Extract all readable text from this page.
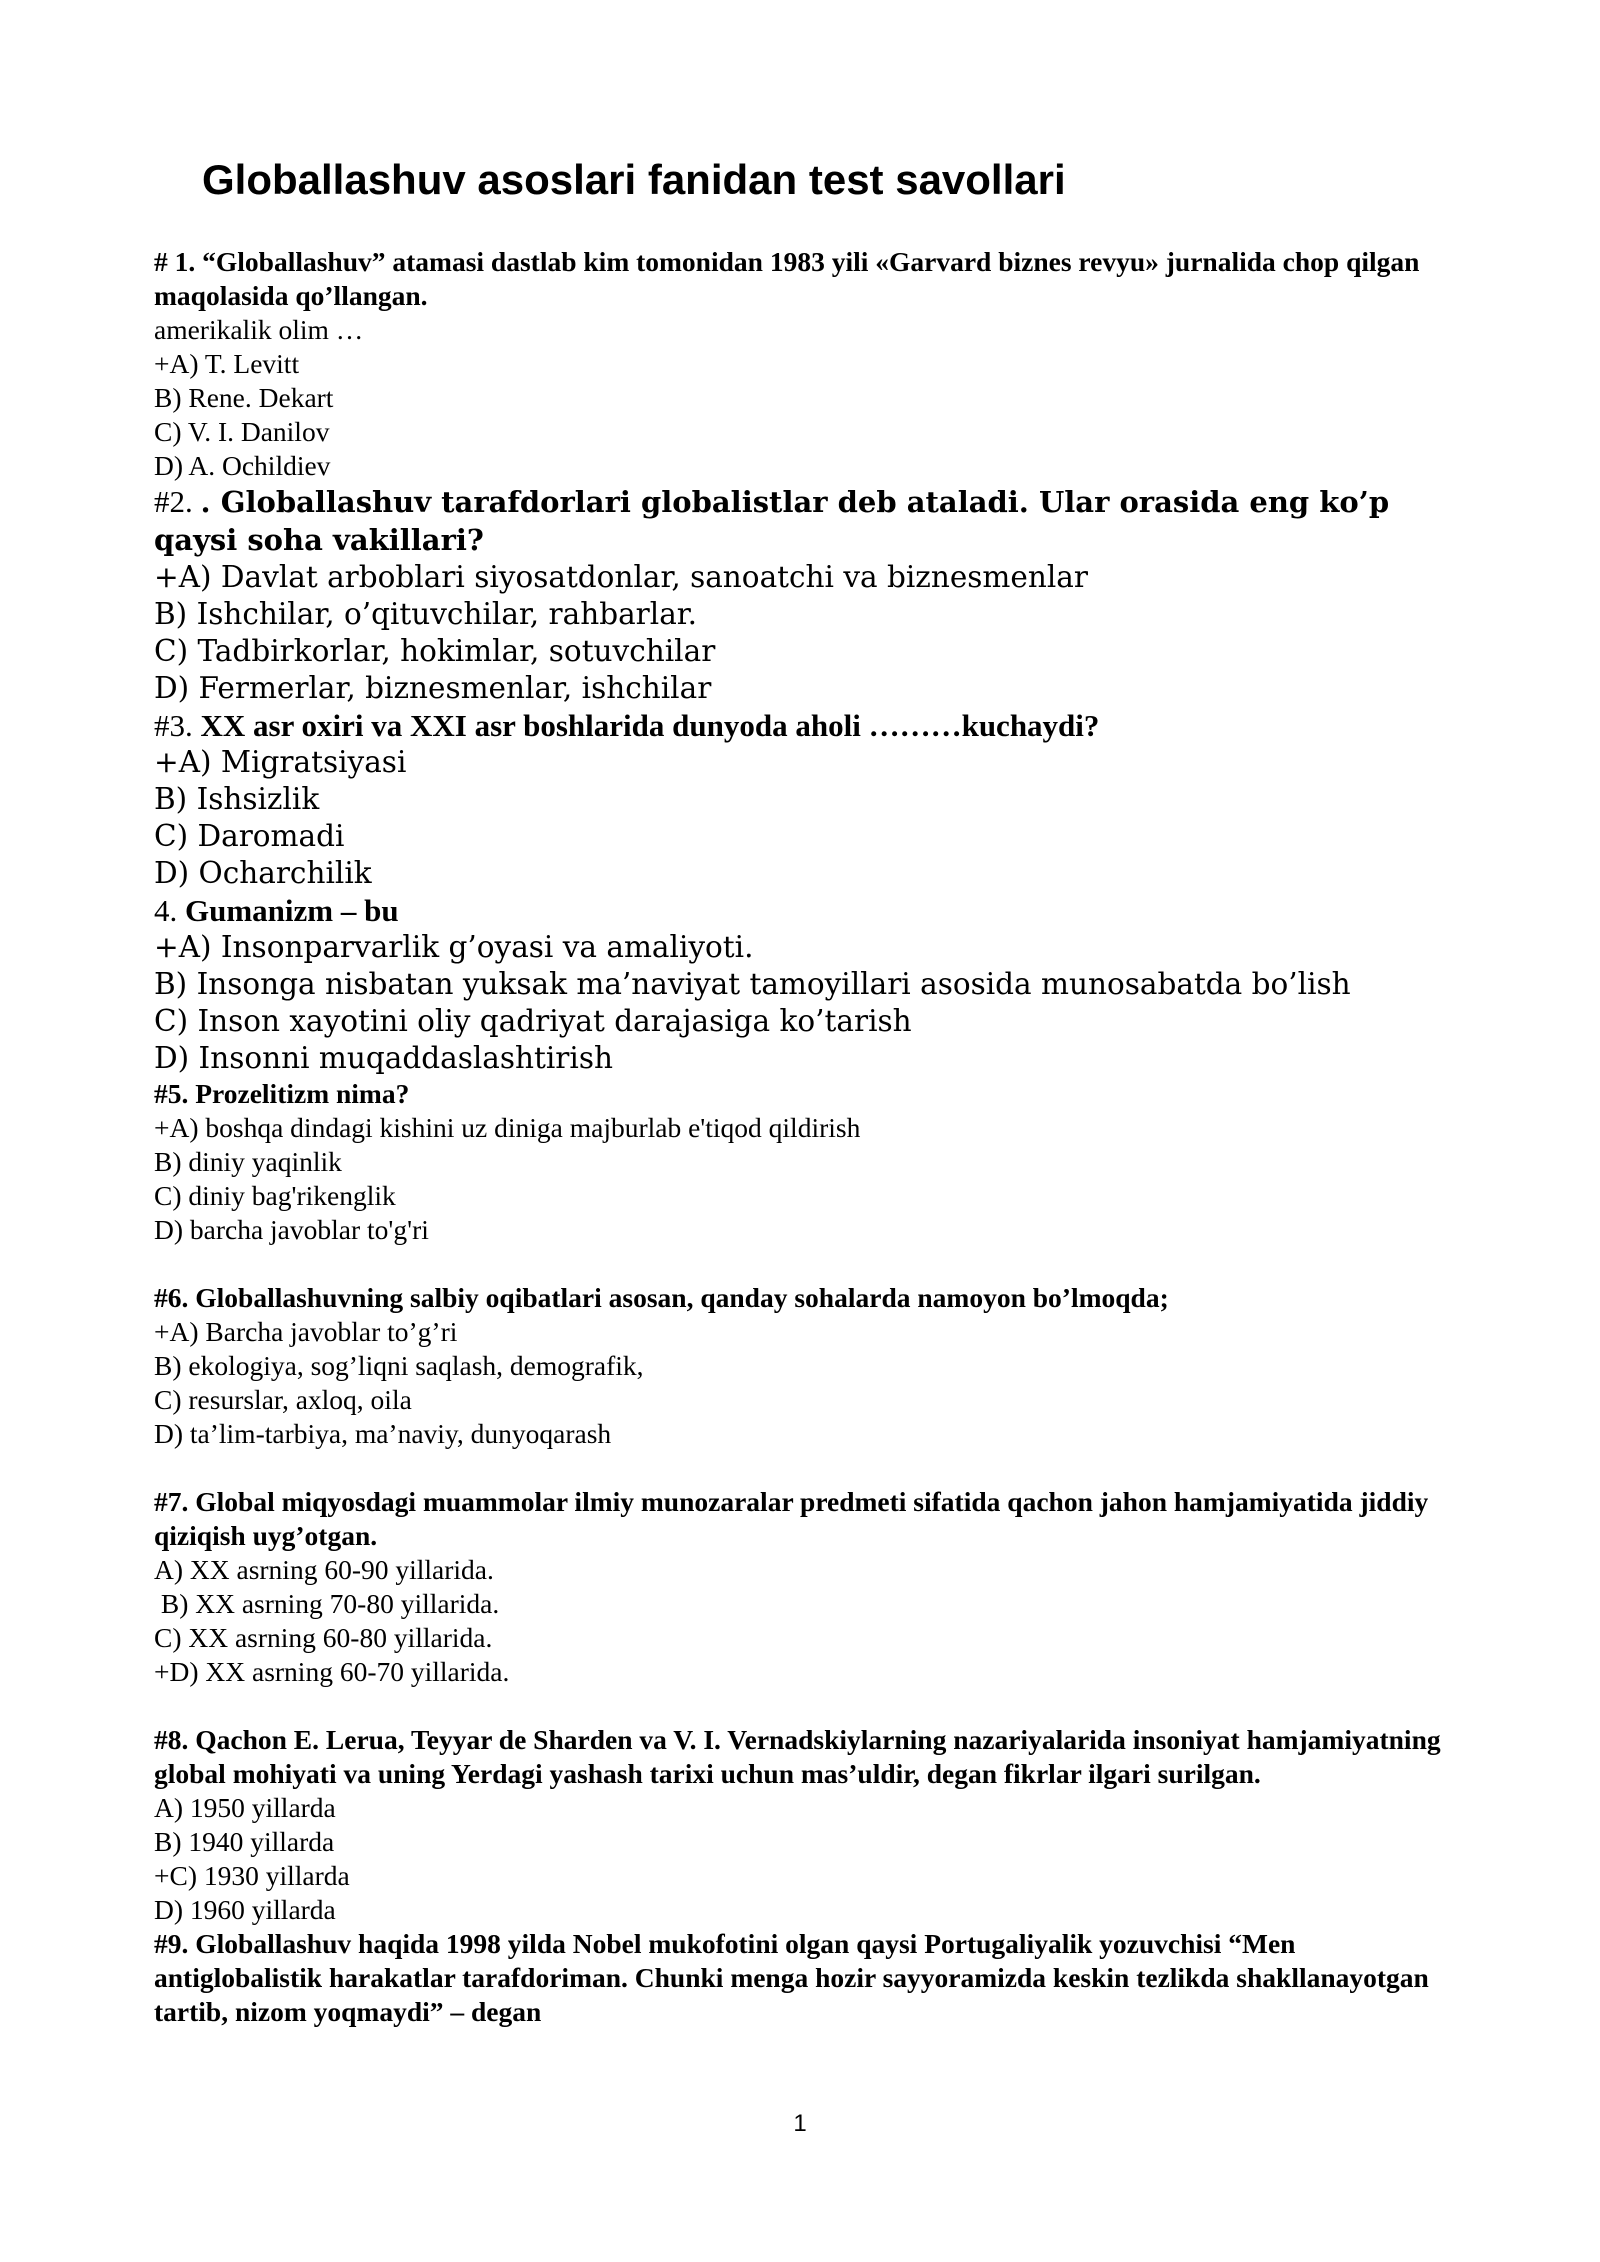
Globallashuv asoslari fanidan test savollari
# 1. “Globallashuv” atamasi dastlab kim tomonidan 1983 yili «Garvard biznes revyu» jurnalida chop qilgan maqolasida qo’llangan.
amerikalik olim …
+A) T. Levitt
B) Rene. Dekart
C) V. I. Danilov
D) A. Ochildiev
#2. . Globallashuv tarafdorlari globalistlar deb ataladi. Ular orasida eng ko’p qaysi soha vakillari?
+A) Davlat arboblari siyosatdonlar, sanoatchi va biznesmenlar
B) Ishchilar, o’qituvchilar, rahbarlar.
C) Tadbirkorlar, hokimlar, sotuvchilar
D) Fermerlar, biznesmenlar, ishchilar
#3. XX asr oxiri va XXI asr boshlarida dunyoda aholi ………kuchaydi?
+A) Migratsiyasi
B) Ishsizlik
C) Daromadi
D) Ocharchilik
4. Gumanizm – bu
+A) Insonparvarlik g’oyasi va amaliyoti.
B) Insonga nisbatan yuksak ma’naviyat tamoyillari asosida munosabatda bo’lish
C) Inson xayotini oliy qadriyat darajasiga ko’tarish
D) Insonni muqaddaslashtirish
#5. Prozelitizm nima?
+A) boshqa dindagi kishini uz diniga majburlab e'tiqod qildirish
B) diniy yaqinlik
C) diniy bag'rikenglik
D) barcha javoblar to'g'ri
#6. Globallashuvning salbiy oqibatlari asosan, qanday sohalarda namoyon bo’lmoqda;
+A) Barcha javoblar to’g’ri
B) ekologiya, sog’liqni saqlash, demografik,
C) resurslar, axloq, oila
D) ta’lim-tarbiya, ma’naviy, dunyoqarash
#7. Global miqyosdagi muammolar ilmiy munozaralar predmeti sifatida qachon jahon hamjamiyatida jiddiy qiziqish uyg’otgan.
A) XX asrning 60-90 yillarida.
B) XX asrning 70-80 yillarida.
C) XX asrning 60-80 yillarida.
+D) XX asrning 60-70 yillarida.
#8. Qachon E. Lerua, Teyyar de Sharden va V. I. Vernadskiylarning nazariyalarida insoniyat hamjamiyatning global mohiyati va uning Yerdagi yashash tarixi uchun mas’uldir, degan fikrlar ilgari surilgan.
A) 1950 yillarda
B) 1940 yillarda
+C) 1930 yillarda
D) 1960 yillarda
#9. Globallashuv haqida 1998 yilda Nobel mukofotini olgan qaysi Portugaliyalik yozuvchisi “Men antiglobalistik harakatlar tarafdoriman. Chunki menga hozir sayyoramizda keskin tezlikda shakllanayotgan tartib, nizom yoqmaydi” – degan
1
